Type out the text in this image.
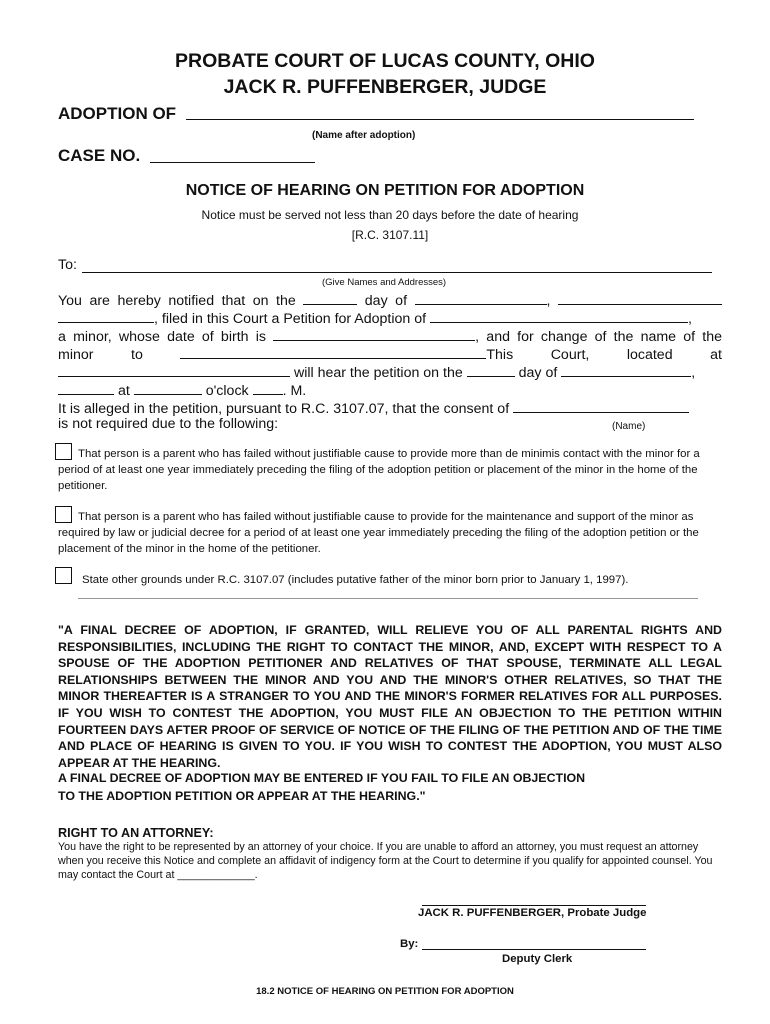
PROBATE COURT OF LUCAS COUNTY, OHIO
JACK R. PUFFENBERGER, JUDGE
ADOPTION OF
(Name after adoption)
CASE NO.
NOTICE OF HEARING ON PETITION FOR ADOPTION
Notice must be served not less than 20 days before the date of hearing
[R.C. 3107.11]
To:
(Give Names and Addresses)
You are hereby notified that on the	day of	,
, filed in this Court a Petition for Adoption of	,
a minor, whose date of birth is	, and for change of the name of the
minor	to	This	Court,	located	at
will hear the petition on the	day of	,
at	o'clock . M.
It is alleged in the petition, pursuant to R.C. 3107.07, that the consent of
is not required due to the following:	(Name)
That person is a parent who has failed without justifiable cause to provide more than de minimis contact with the minor for a period of at least one year immediately preceding the filing of the adoption petition or placement of the minor in the home of the petitioner.
That person is a parent who has failed without justifiable cause to provide for the maintenance and support of the minor as required by law or judicial decree for a period of at least one year immediately preceding the filing of the adoption petition or the placement of the minor in the home of the petitioner.
State other grounds under R.C. 3107.07 (includes putative father of the minor born prior to January 1, 1997).
"A FINAL DECREE OF ADOPTION, IF GRANTED, WILL RELIEVE YOU OF ALL PARENTAL RIGHTS AND RESPONSIBILITIES, INCLUDING THE RIGHT TO CONTACT THE MINOR, AND, EXCEPT WITH RESPECT TO A SPOUSE OF THE ADOPTION PETITIONER AND RELATIVES OF THAT SPOUSE, TERMINATE ALL LEGAL RELATIONSHIPS BETWEEN THE MINOR AND YOU AND THE MINOR'S OTHER RELATIVES, SO THAT THE MINOR THEREAFTER IS A STRANGER TO YOU AND THE MINOR'S FORMER RELATIVES FOR ALL PURPOSES. IF YOU WISH TO CONTEST THE ADOPTION, YOU MUST FILE AN OBJECTION TO THE PETITION WITHIN FOURTEEN DAYS AFTER PROOF OF SERVICE OF NOTICE OF THE FILING OF THE PETITION AND OF THE TIME AND PLACE OF HEARING IS GIVEN TO YOU. IF YOU WISH TO CONTEST THE ADOPTION, YOU MUST ALSO APPEAR AT THE HEARING.
A FINAL DECREE OF ADOPTION MAY BE ENTERED IF YOU FAIL TO FILE AN OBJECTION
TO THE ADOPTION PETITION OR APPEAR AT THE HEARING."
RIGHT TO AN ATTORNEY:
You have the right to be represented by an attorney of your choice. If you are unable to afford an attorney, you must request an attorney when you receive this Notice and complete an affidavit of indigency form at the Court to determine if you qualify for appointed counsel. You may contact the Court at _____________.
JACK R. PUFFENBERGER, Probate Judge
By:
Deputy Clerk
18.2 NOTICE OF HEARING ON PETITION FOR ADOPTION
